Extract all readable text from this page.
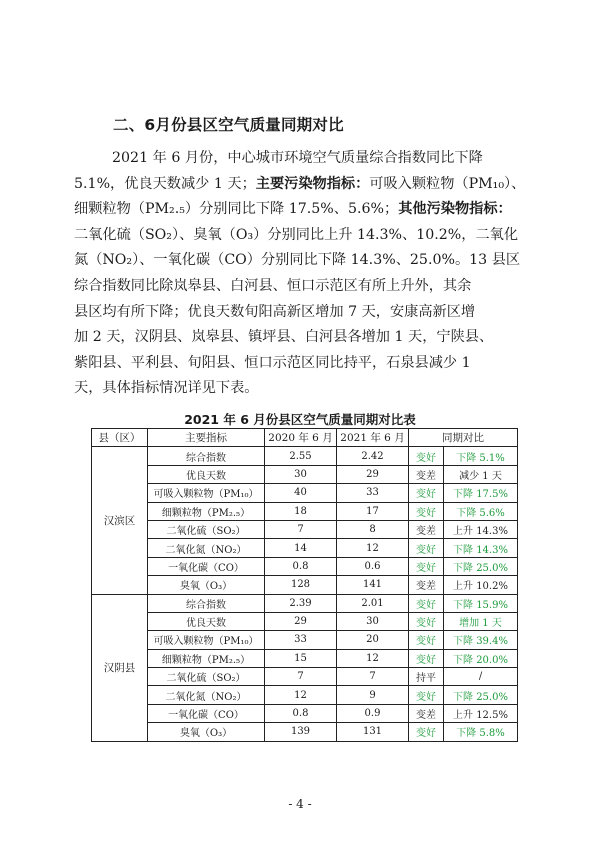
二、6月份县区空气质量同期对比
2021 年 6 月份，中心城市环境空气质量综合指数同比下降
5.1%，优良天数减少 1 天；主要污染物指标：可吸入颗粒物（PM₁₀）、
细颗粒物（PM₂.₅）分别同比下降 17.5%、5.6%；其他污染物指标：
二氧化硫（SO₂）、臭氧（O₃）分别同比上升 14.3%、10.2%，二氧化
氮（NO₂）、一氧化碳（CO）分别同比下降 14.3%、25.0%。13 县区
综合指数同比除岚皋县、白河县、恒口示范区有所上升外，其余
县区均有所下降；优良天数旬阳高新区增加 7 天，安康高新区增
加 2 天，汉阴县、岚皋县、镇坪县、白河县各增加 1 天，宁陕县、
紫阳县、平利县、旬阳县、恒口示范区同比持平，石泉县减少 1
天，具体指标情况详见下表。
2021 年 6 月份县区空气质量同期对比表
县（区）	主要指标	2020 年 6 月	2021 年 6 月	同期对比	
汉滨区	综合指数	2.55	2.42	变好	下降 5.1%
	优良天数	30	29	变差	减少 1 天
	可吸入颗粒物（PM₁₀）	40	33	变好	下降 17.5%
	细颗粒物（PM₂.₅）	18	17	变好	下降 5.6%
	二氧化硫（SO₂）	7	8	变差	上升 14.3%
	二氧化氮（NO₂）	14	12	变好	下降 14.3%
	一氧化碳（CO）	0.8	0.6	变好	下降 25.0%
	臭氧（O₃）	128	141	变差	上升 10.2%
汉阴县	综合指数	2.39	2.01	变好	下降 15.9%
	优良天数	29	30	变好	增加 1 天
	可吸入颗粒物（PM₁₀）	33	20	变好	下降 39.4%
	细颗粒物（PM₂.₅）	15	12	变好	下降 20.0%
	二氧化硫（SO₂）	7	7	持平	/
	二氧化氮（NO₂）	12	9	变好	下降 25.0%
	一氧化碳（CO）	0.8	0.9	变差	上升 12.5%
	臭氧（O₃）	139	131	变好	下降 5.8%
- 4 -
